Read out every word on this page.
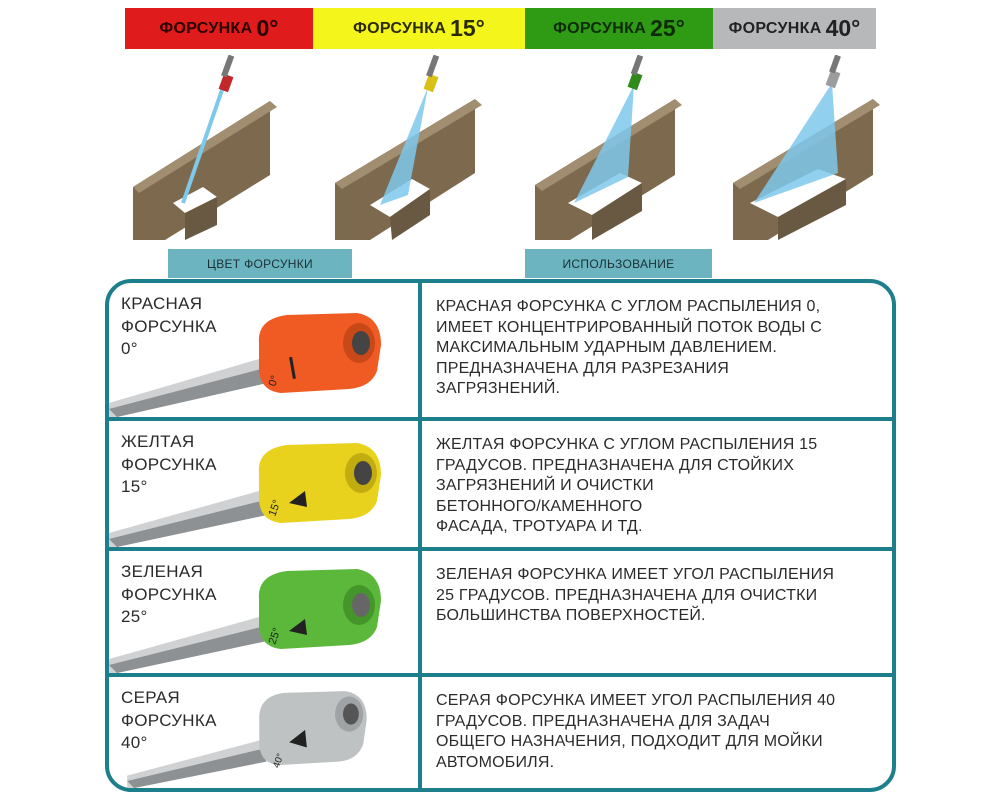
ФОРСУНКА 0°	ФОРСУНКА 15°	ФОРСУНКА 25°	ФОРСУНКА 40°
ЦВЕТ ФОРСУНКИ	ИСПОЛЬЗОВАНИЕ
КРАСНАЯ
ФОРСУНКА
0°
0°
КРАСНАЯ ФОРСУНКА С УГЛОМ РАСПЫЛЕНИЯ 0,
ИМЕЕТ КОНЦЕНТРИРОВАННЫЙ ПОТОК ВОДЫ С
МАКСИМАЛЬНЫМ УДАРНЫМ ДАВЛЕНИЕМ.
ПРЕДНАЗНАЧЕНА ДЛЯ РАЗРЕЗАНИЯ
ЗАГРЯЗНЕНИЙ.
ЖЕЛТАЯ
ФОРСУНКА
15°
15°
ЖЕЛТАЯ ФОРСУНКА С УГЛОМ РАСПЫЛЕНИЯ 15
ГРАДУСОВ. ПРЕДНАЗНАЧЕНА ДЛЯ СТОЙКИХ
ЗАГРЯЗНЕНИЙ И ОЧИСТКИ
БЕТОННОГО/КАМЕННОГО
ФАСАДА, ТРОТУАРА И ТД.
ЗЕЛЕНАЯ
ФОРСУНКА
25°
25°
ЗЕЛЕНАЯ ФОРСУНКА ИМЕЕТ УГОЛ РАСПЫЛЕНИЯ
25 ГРАДУСОВ. ПРЕДНАЗНАЧЕНА ДЛЯ ОЧИСТКИ
БОЛЬШИНСТВА ПОВЕРХНОСТЕЙ.
СЕРАЯ
ФОРСУНКА
40°
40°
СЕРАЯ ФОРСУНКА ИМЕЕТ УГОЛ РАСПЫЛЕНИЯ 40
ГРАДУСОВ. ПРЕДНАЗНАЧЕНА ДЛЯ ЗАДАЧ
ОБЩЕГО НАЗНАЧЕНИЯ, ПОДХОДИТ ДЛЯ МОЙКИ
АВТОМОБИЛЯ.
